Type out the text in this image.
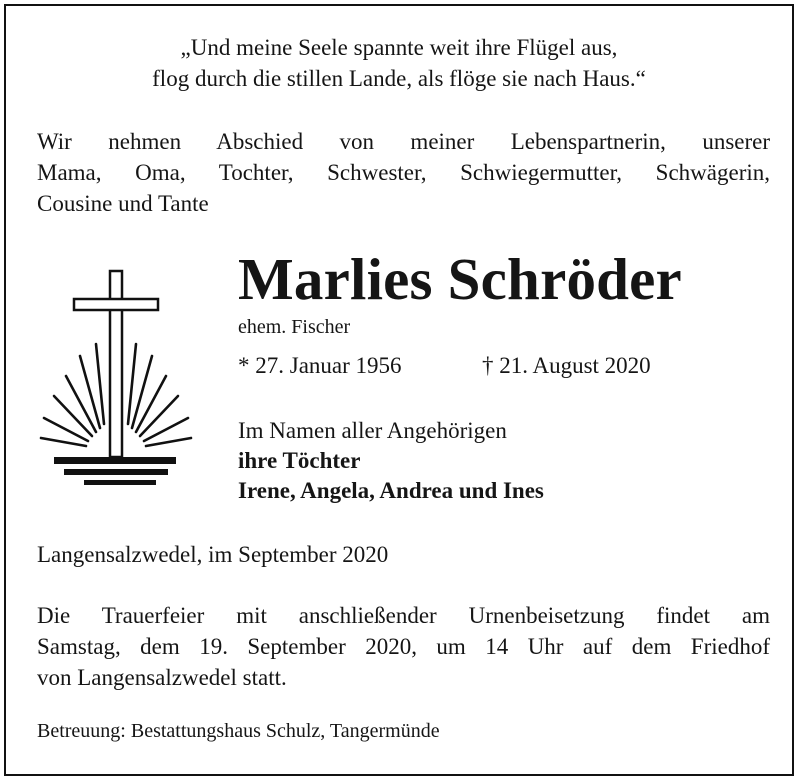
„Und meine Seele spannte weit ihre Flügel aus,
flog durch die stillen Lande, als flöge sie nach Haus.“
Wir nehmen Abschied von meiner Lebenspartnerin, unserer
Mama, Oma, Tochter, Schwester, Schwiegermutter, Schwägerin,
Cousine und Tante
Marlies Schröder
ehem. Fischer
* 27. Januar 1956	† 21. August 2020
Im Namen aller Angehörigen
ihre Töchter
Irene, Angela, Andrea und Ines
Langensalzwedel, im September 2020
Die Trauerfeier mit anschließender Urnenbeisetzung findet am
Samstag, dem 19. September 2020, um 14 Uhr auf dem Friedhof
von Langensalzwedel statt.
Betreuung: Bestattungshaus Schulz, Tangermünde
